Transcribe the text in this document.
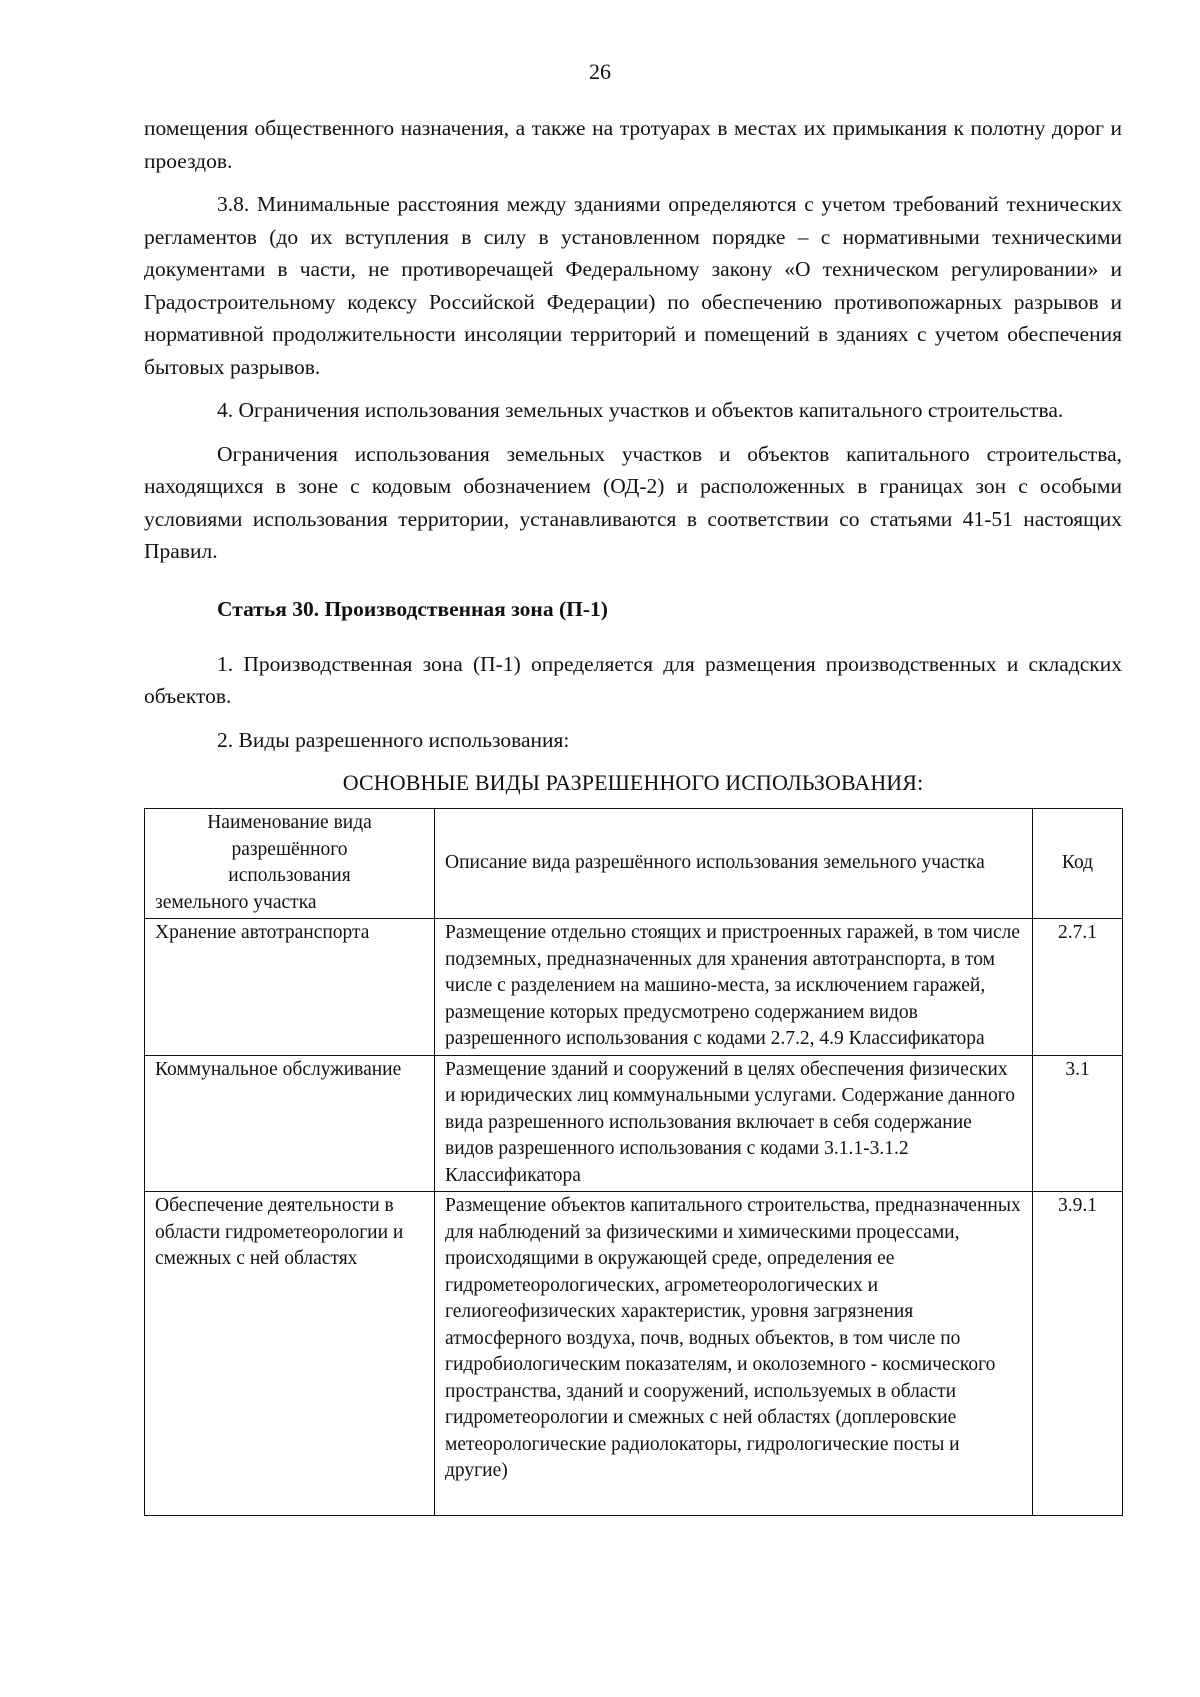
26

помещения общественного назначения, а также на тротуарах в местах их примыкания к полотну дорог и проездов.

3.8. Минимальные расстояния между зданиями определяются с учетом требований технических регламентов (до их вступления в силу в установленном порядке – с нормативными техническими документами в части, не противоречащей Федеральному закону «О техническом регулировании» и Градостроительному кодексу Российской Федерации) по обеспечению противопожарных разрывов и нормативной продолжительности инсоляции территорий и помещений в зданиях с учетом обеспечения бытовых разрывов.

4. Ограничения использования земельных участков и объектов капитального строительства.

Ограничения использования земельных участков и объектов капитального строительства, находящихся в зоне с кодовым обозначением (ОД-2) и расположенных в границах зон с особыми условиями использования территории, устанавливаются в соответствии со статьями 41-51 настоящих Правил.

Статья 30. Производственная зона (П-1)

1. Производственная зона (П-1) определяется для размещения производственных и складских объектов.

2. Виды разрешенного использования:

ОСНОВНЫЕ ВИДЫ РАЗРЕШЕННОГО ИСПОЛЬЗОВАНИЯ:
Наименование вида
разрешённого
использования
земельного участка	Описание вида разрешённого использования земельного участка	Код
Хранение автотранспорта	Размещение отдельно стоящих и пристроенных гаражей, в том числе подземных, предназначенных для хранения автотранспорта, в том числе с разделением на машино-места, за исключением гаражей, размещение которых предусмотрено содержанием видов разрешенного использования с кодами 2.7.2, 4.9 Классификатора	2.7.1
Коммунальное обслуживание	Размещение зданий и сооружений в целях обеспечения физических и юридических лиц коммунальными услугами. Содержание данного вида разрешенного использования включает в себя содержание видов разрешенного использования с кодами 3.1.1-3.1.2 Классификатора	3.1
Обеспечение деятельности в области гидрометеорологии и смежных с ней областях	Размещение объектов капитального строительства, предназначенных для наблюдений за физическими и химическими процессами, происходящими в окружающей среде, определения ее гидрометеорологических, агрометеорологических и гелиогеофизических характеристик, уровня загрязнения атмосферного воздуха, почв, водных объектов, в том числе по гидробиологическим показателям, и околоземного - космического пространства, зданий и сооружений, используемых в области гидрометеорологии и смежных с ней областях (доплеровские метеорологические радиолокаторы, гидрологические посты и другие)	3.9.1
